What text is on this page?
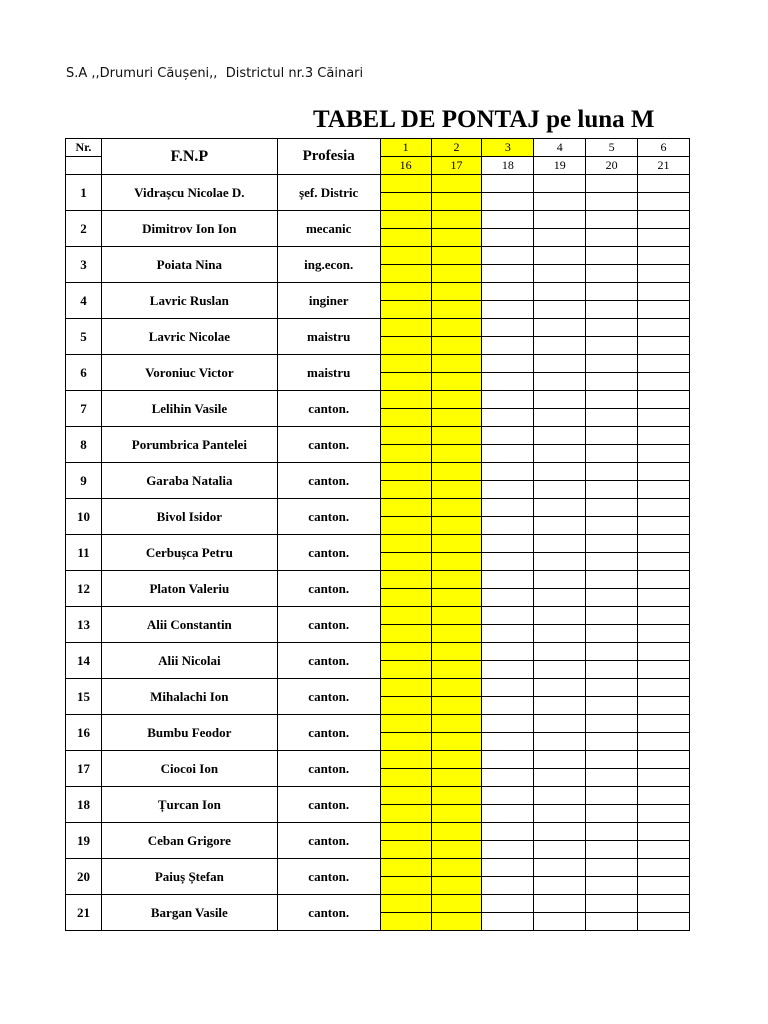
S.A ,,Drumuri Căușeni,,  Districtul nr.3 Căinari
TABEL DE PONTAJ pe luna M
Nr.	F.N.P	Profesia	1	2	3	4	5	6
			16	17	18	19	20	21
1	Vidrașcu Nicolae D.	șef. Distric						

2	Dimitrov Ion Ion	mecanic						

3	Poiata Nina	ing.econ.						

4	Lavric Ruslan	inginer						

5	Lavric Nicolae	maistru						

6	Voroniuc Victor	maistru						

7	Lelihin Vasile	canton.						

8	Porumbrica Pantelei	canton.						

9	Garaba Natalia	canton.						

10	Bivol Isidor	canton.						

11	Cerbușca Petru	canton.						

12	Platon Valeriu	canton.						

13	Alii Constantin	canton.						

14	Alii Nicolai	canton.						

15	Mihalachi Ion	canton.						

16	Bumbu Feodor	canton.						

17	Ciocoi Ion	canton.						

18	Țurcan Ion	canton.						

19	Ceban Grigore	canton.						

20	Paiuș Ștefan	canton.						

21	Bargan Vasile	canton.						
